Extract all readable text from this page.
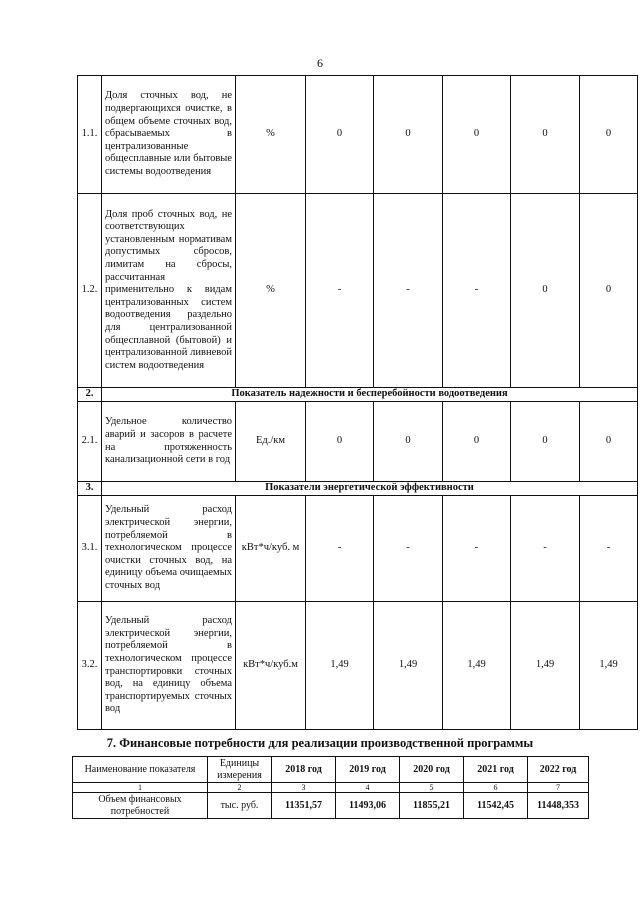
6
1.1.	Доля сточных вод, не подвергающихся очистке, в общем объеме сточных вод, сбрасываемых в централизованные общесплавные или бытовые системы водоотведения	%	0	0	0	0	0
1.2.	Доля проб сточных вод, не соответствующих установленным нормативам допустимых сбросов, лимитам на сбросы, рассчитанная применительно к видам централизованных систем водоотведения раздельно для централизованной общесплавной (бытовой) и централизованной ливневой систем водоотведения	%	-	-	-	0	0
2.	Показатель надежности и бесперебойности водоотведения						
2.1.	Удельное количество аварий и засоров в расчете на протяженность канализационной сети в год	Ед./км	0	0	0	0	0
3.	Показатели энергетической эффективности						
3.1.	Удельный расход электрической энергии, потребляемой в технологическом процессе очистки сточных вод, на единицу объема очищаемых сточных вод	кВт*ч/куб. м	-	-	-	-	-
3.2.	Удельный расход электрической энергии, потребляемой в технологическом процессе транспортировки сточных вод, на единицу объема транспортируемых сточных вод	кВт*ч/куб.м	1,49	1,49	1,49	1,49	1,49
7. Финансовые потребности для реализации производственной программы
Наименование показателя	Единицы измерения	2018 год	2019 год	2020 год	2021 год	2022 год
1	2	3	4	5	6	7
Объем финансовых потребностей	тыс. руб.	11351,57	11493,06	11855,21	11542,45	11448,353
